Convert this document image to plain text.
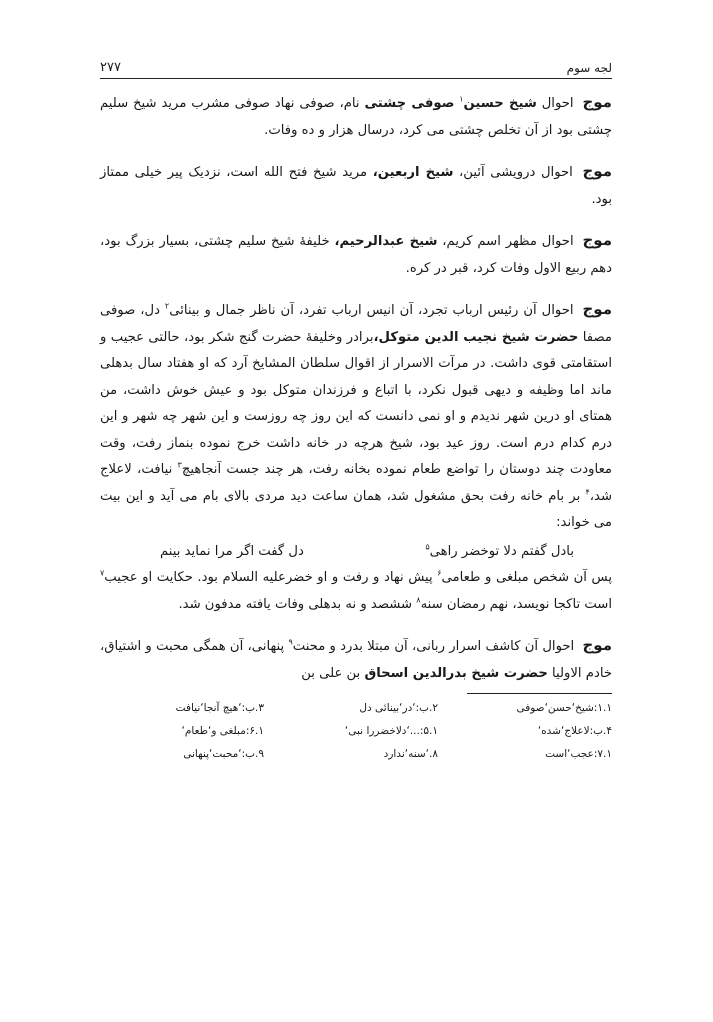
لجه سوم
۲۷۷

موج احوال شیخ حسین$^۱$ صوفی چشتی نام، صوفی نهاد صوفی مشرب مرید شیخ سلیم چشتی بود از آن تخلص چشتی می کرد، درسال هزار و ده وفات.

موج احوال درویشی آئین، شیخ اربعین، مرید شیخ فتح الله است، نزدیک پیر خیلی ممتاز بود.

موج احوال مظهر اسم کریم، شیخ عبدالرحیم، خلیفهٔ شیخ سلیم چشتی، بسیار بزرگ بود، دهم ربیع الاول وفات کرد، قبر در کره.

موج احوال آن رئیس ارباب تجرد، آن انیس ارباب تفرد، آن ناظر جمال و بینائی$^۲$ دل، صوفی مصفا حضرت شیخ نجیب الدین متوکل،برادر وخلیفهٔ حضرت گنج شکر بود، حالتی عجیب و استقامتی قوی داشت. در مرآت الاسرار از اقوال سلطان المشایخ آرد که او هفتاد سال بدهلی ماند اما وظیفه و دیهی قبول نکرد، با اتباع و فرزندان متوکل بود و عیش خوش داشت، من همتای او درین شهر ندیدم و او نمی دانست که این روز چه روزست و این شهر چه شهر و این درم کدام درم است. روز عید بود، شیخ هرچه در خانه داشت خرج نموده بنماز رفت، وقت معاودت چند دوستان را تواضع طعام نموده بخانه رفت، هر چند جست آنجاهیچ$^۳$ نیافت، لاعلاج شد،$^۴$ بر بام خانه رفت بحق مشغول شد، همان ساعت دید مردی بالای بام می آید و این بیت می خواند:

بادل گفتم دلا توخضر راهی$^۵$
دل گفت اگر مرا نماید بینم

پس آن شخص مبلغی و طعامی$^۶$ پیش نهاد و رفت و او خضرعلیه السلام بود. حکایت او عجیب$^۷$ است تاکجا نویسد، نهم رمضان سنه$^۸$ ششصد و نه بدهلی وفات یافته مدفون شد.

موج احوال آن کاشف اسرار ربانی، آن مبتلا بدرد و محنت$^۹$ پنهانی، آن همگی محبت و اشتیاق، خادم الاولیا حضرت شیخ بدرالدین اسحاق بن علی بن

۱.۱:شیخ‘حسن‘صوفی
۲.ب:‘در‘بینائی دل
۳.ب:‘هیچ آنجا‘نیافت
۴.ب:لاعلاج‘شده‘
۵.۱:...‘دلاخضررا نبی‘
۶.۱:مبلغی و‘طعام‘
۷.۱:عجب‘است
۸.‘سنه‘ندارد
۹.ب:‘محبت‘پنهانی
